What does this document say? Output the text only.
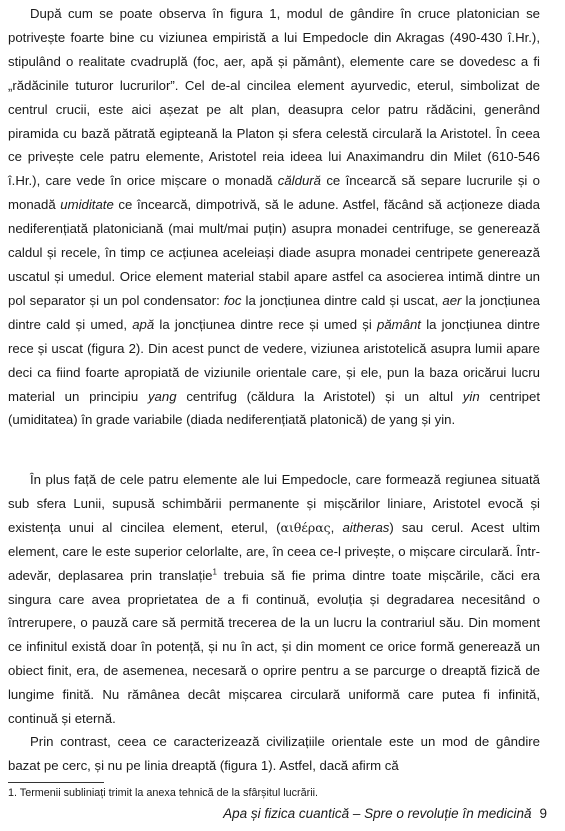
După cum se poate observa în figura 1, modul de gândire în cruce platonician se potrivește foarte bine cu viziunea empiristă a lui Empedocle din Akragas (490-430 î.Hr.), stipulând o realitate cvadruplă (foc, aer, apă și pământ), elemente care se dovedesc a fi „rădăcinile tuturor lucrurilor”. Cel de-al cincilea element ayurvedic, eterul, simbolizat de centrul crucii, este aici așezat pe alt plan, deasupra celor patru rădăcini, generând piramida cu bază pătrată egipteană la Platon și sfera celestă circulară la Aristotel. În ceea ce privește cele patru elemente, Aristotel reia ideea lui Anaximandru din Milet (610-546 î.Hr.), care vede în orice mișcare o monadă căldură ce încearcă să separe lucrurile și o monadă umiditate ce încearcă, dimpotrivă, să le adune. Astfel, făcând să acționeze diada nediferențiată platoniciană (mai mult/mai puțin) asupra monadei centrifuge, se generează caldul și recele, în timp ce acțiunea aceleiași diade asupra monadei centripete generează uscatul și umedul. Orice element material stabil apare astfel ca asocierea intimă dintre un pol separator și un pol condensator: foc la joncțiunea dintre cald și uscat, aer la joncțiunea dintre cald și umed, apă la joncțiunea dintre rece și umed și pământ la joncțiunea dintre rece și uscat (figura 2). Din acest punct de vedere, viziunea aristotelică asupra lumii apare deci ca fiind foarte apropiată de viziunile orientale care, și ele, pun la baza oricărui lucru material un principiu yang centrifug (căldura la Aristotel) și un altul yin centripet (umiditatea) în grade variabile (diada nediferențiată platonică) de yang și yin.

În plus față de cele patru elemente ale lui Empedocle, care formează regiunea situată sub sfera Lunii, supusă schimbării permanente și mișcărilor liniare, Aristotel evocă și existența unui al cincilea element, eterul, (αιθέρας, aitheras) sau cerul. Acest ultim element, care le este superior celorlalte, are, în ceea ce-l privește, o mișcare circulară. Într-adevăr, deplasarea prin translație$^1$ trebuia să fie prima dintre toate mișcările, căci era singura care avea proprietatea de a fi continuă, evoluția și degradarea necesitând o întrerupere, o pauză care să permită trecerea de la un lucru la contrariul său. Din moment ce infinitul există doar în potență, și nu în act, și din moment ce orice formă generează un obiect finit, era, de asemenea, necesară o oprire pentru a se parcurge o dreaptă fizică de lungime finită. Nu rămânea decât mișcarea circulară uniformă care putea fi infinită, continuă și eternă.

Prin contrast, ceea ce caracterizează civilizațiile orientale este un mod de gândire bazat pe cerc, și nu pe linia dreaptă (figura 1). Astfel, dacă afirm că

1. Termenii subliniați trimit la anexa tehnică de la sfârșitul lucrării.

Apa și fizica cuantică – Spre o revoluție în medicină 9
